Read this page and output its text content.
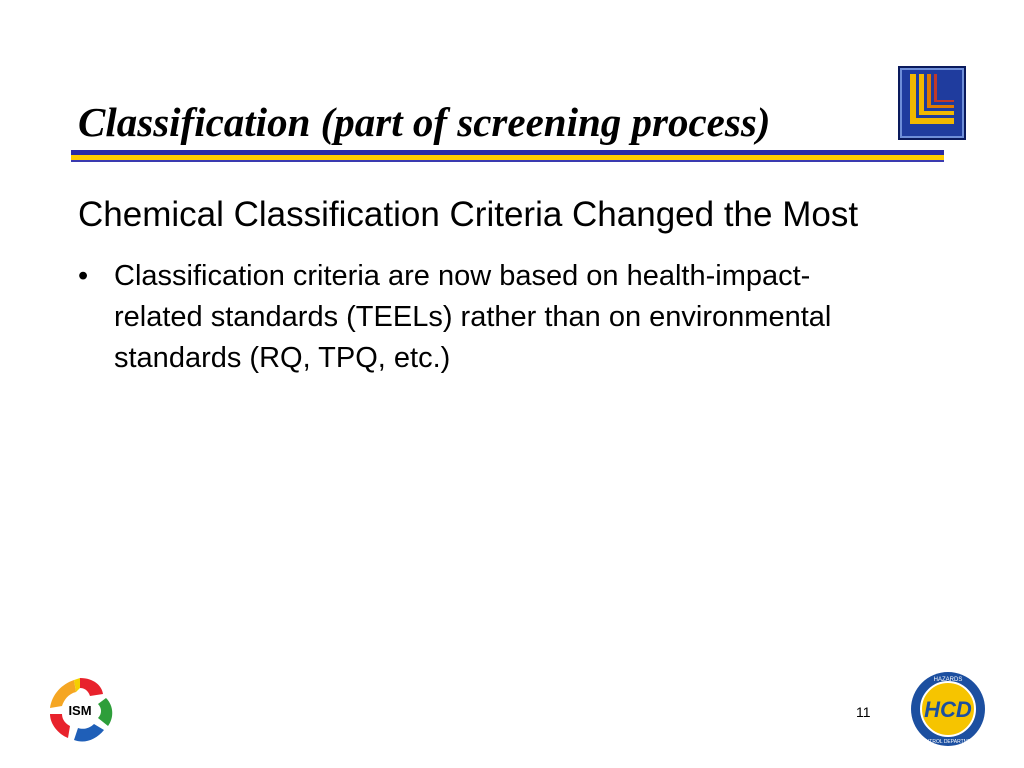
Classification (part of screening process)
Chemical Classification Criteria Changed the Most
• Classification criteria are now based on health-impact-
related standards (TEELs) rather than on environmental
standards (RQ, TPQ, etc.)
ISM	11 HCD
HAZARDS
CONTROL DEPARTMENT
